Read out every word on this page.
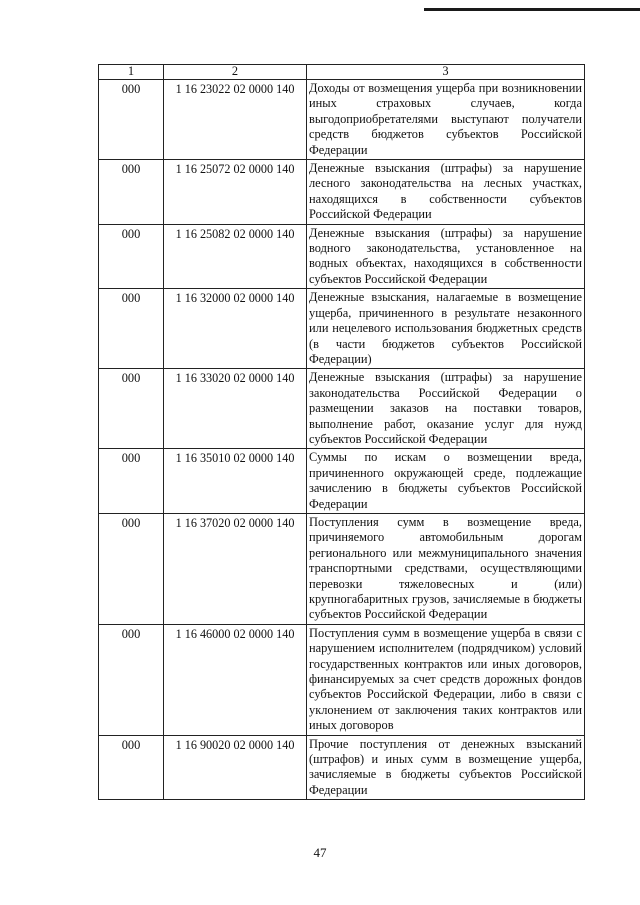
1	2	3
000	1 16 23022 02 0000 140	Доходы от возмещения ущерба при возникновении иных страховых случаев, когда выгодоприобретателями выступают получатели средств бюджетов субъектов Российской Федерации
000	1 16 25072 02 0000 140	Денежные взыскания (штрафы) за нарушение лесного законодательства на лесных участках, находящихся в собственности субъектов Российской Федерации
000	1 16 25082 02 0000 140	Денежные взыскания (штрафы) за нарушение водного законодательства, установленное на водных объектах, находящихся в собственности субъектов Российской Федерации
000	1 16 32000 02 0000 140	Денежные взыскания, налагаемые в возмещение ущерба, причиненного в результате незаконного или нецелевого использования бюджетных средств (в части бюджетов субъектов Российской Федерации)
000	1 16 33020 02 0000 140	Денежные взыскания (штрафы) за нарушение законодательства Российской Федерации о размещении заказов на поставки товаров, выполнение работ, оказание услуг для нужд субъектов Российской Федерации
000	1 16 35010 02 0000 140	Суммы по искам о возмещении вреда, причиненного окружающей среде, подлежащие зачислению в бюджеты субъектов Российской Федерации
000	1 16 37020 02 0000 140	Поступления сумм в возмещение вреда, причиняемого автомобильным дорогам регионального или межмуниципального значения транспортными средствами, осуществляющими перевозки тяжеловесных и (или) крупногабаритных грузов, зачисляемые в бюджеты субъектов Российской Федерации
000	1 16 46000 02 0000 140	Поступления сумм в возмещение ущерба в связи с нарушением исполнителем (подрядчиком) условий государственных контрактов или иных договоров, финансируемых за счет средств дорожных фондов субъектов Российской Федерации, либо в связи с уклонением от заключения таких контрактов или иных договоров
000	1 16 90020 02 0000 140	Прочие поступления от денежных взысканий (штрафов) и иных сумм в возмещение ущерба, зачисляемые в бюджеты субъектов Российской Федерации
47
